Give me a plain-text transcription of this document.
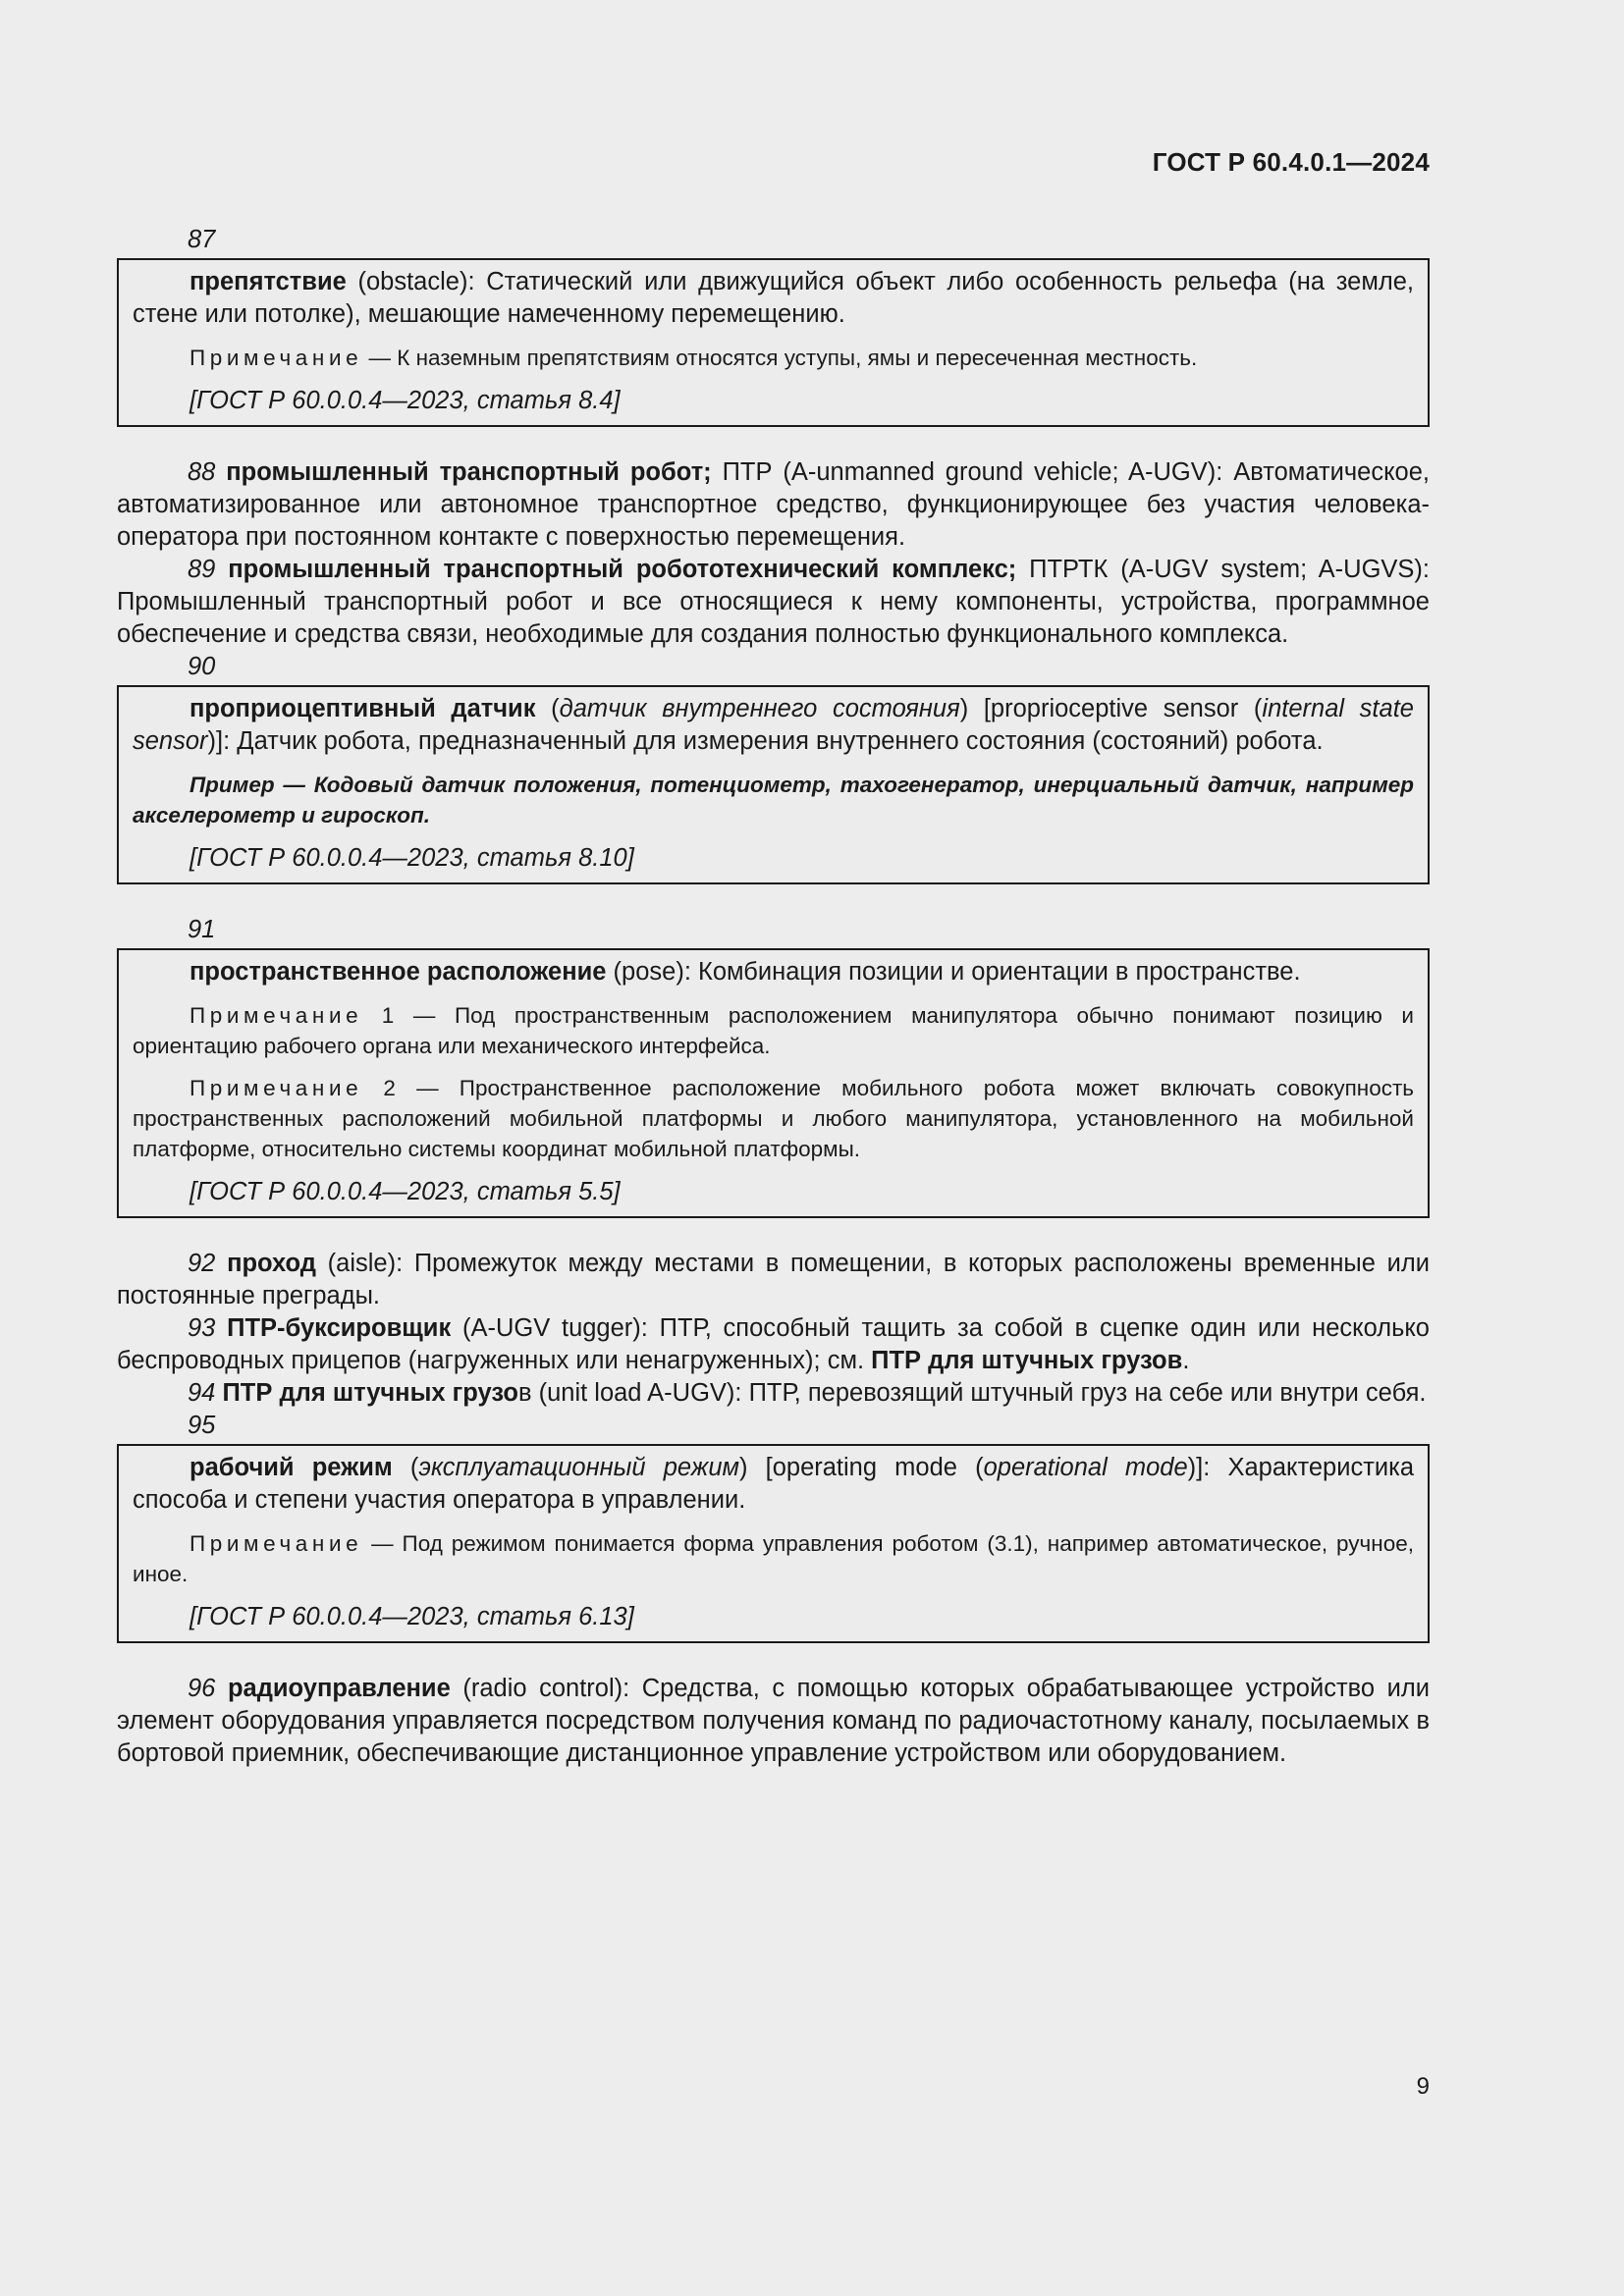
ГОСТ Р 60.4.0.1—2024
87

препятствие (obstacle): Статический или движущийся объект либо особенность рельефа (на земле, стене или потолке), мешающие намеченному перемещению.

Примечание — К наземным препятствиям относятся уступы, ямы и пересеченная местность.

[ГОСТ Р 60.0.0.4—2023, статья 8.4]

88 промышленный транспортный робот; ПТР (A-unmanned ground vehicle; A-UGV): Автоматическое, автоматизированное или автономное транспортное средство, функционирующее без участия человека-оператора при постоянном контакте с поверхностью перемещения.

89 промышленный транспортный робототехнический комплекс; ПТРТК (A-UGV system; A-UGVS): Промышленный транспортный робот и все относящиеся к нему компоненты, устройства, программное обеспечение и средства связи, необходимые для создания полностью функционального комплекса.

90

проприоцептивный датчик (датчик внутреннего состояния) [proprioceptive sensor (internal state sensor)]: Датчик робота, предназначенный для измерения внутреннего состояния (состояний) робота.

Пример — Кодовый датчик положения, потенциометр, тахогенератор, инерциальный датчик, например акселерометр и гироскоп.

[ГОСТ Р 60.0.0.4—2023, статья 8.10]

91

пространственное расположение (pose): Комбинация позиции и ориентации в пространстве.

Примечание 1 — Под пространственным расположением манипулятора обычно понимают позицию и ориентацию рабочего органа или механического интерфейса.

Примечание 2 — Пространственное расположение мобильного робота может включать совокупность пространственных расположений мобильной платформы и любого манипулятора, установленного на мобильной платформе, относительно системы координат мобильной платформы.

[ГОСТ Р 60.0.0.4—2023, статья 5.5]

92 проход (aisle): Промежуток между местами в помещении, в которых расположены временные или постоянные преграды.

93 ПТР-буксировщик (A-UGV tugger): ПТР, способный тащить за собой в сцепке один или несколько беспроводных прицепов (нагруженных или ненагруженных); см. ПТР для штучных грузов.

94 ПТР для штучных грузов (unit load A-UGV): ПТР, перевозящий штучный груз на себе или внутри себя.

95

рабочий режим (эксплуатационный режим) [operating mode (operational mode)]: Характеристика способа и степени участия оператора в управлении.

Примечание — Под режимом понимается форма управления роботом (3.1), например автоматическое, ручное, иное.

[ГОСТ Р 60.0.0.4—2023, статья 6.13]

96 радиоуправление (radio control): Средства, с помощью которых обрабатывающее устройство или элемент оборудования управляется посредством получения команд по радиочастотному каналу, посылаемых в бортовой приемник, обеспечивающие дистанционное управление устройством или оборудованием.

9
